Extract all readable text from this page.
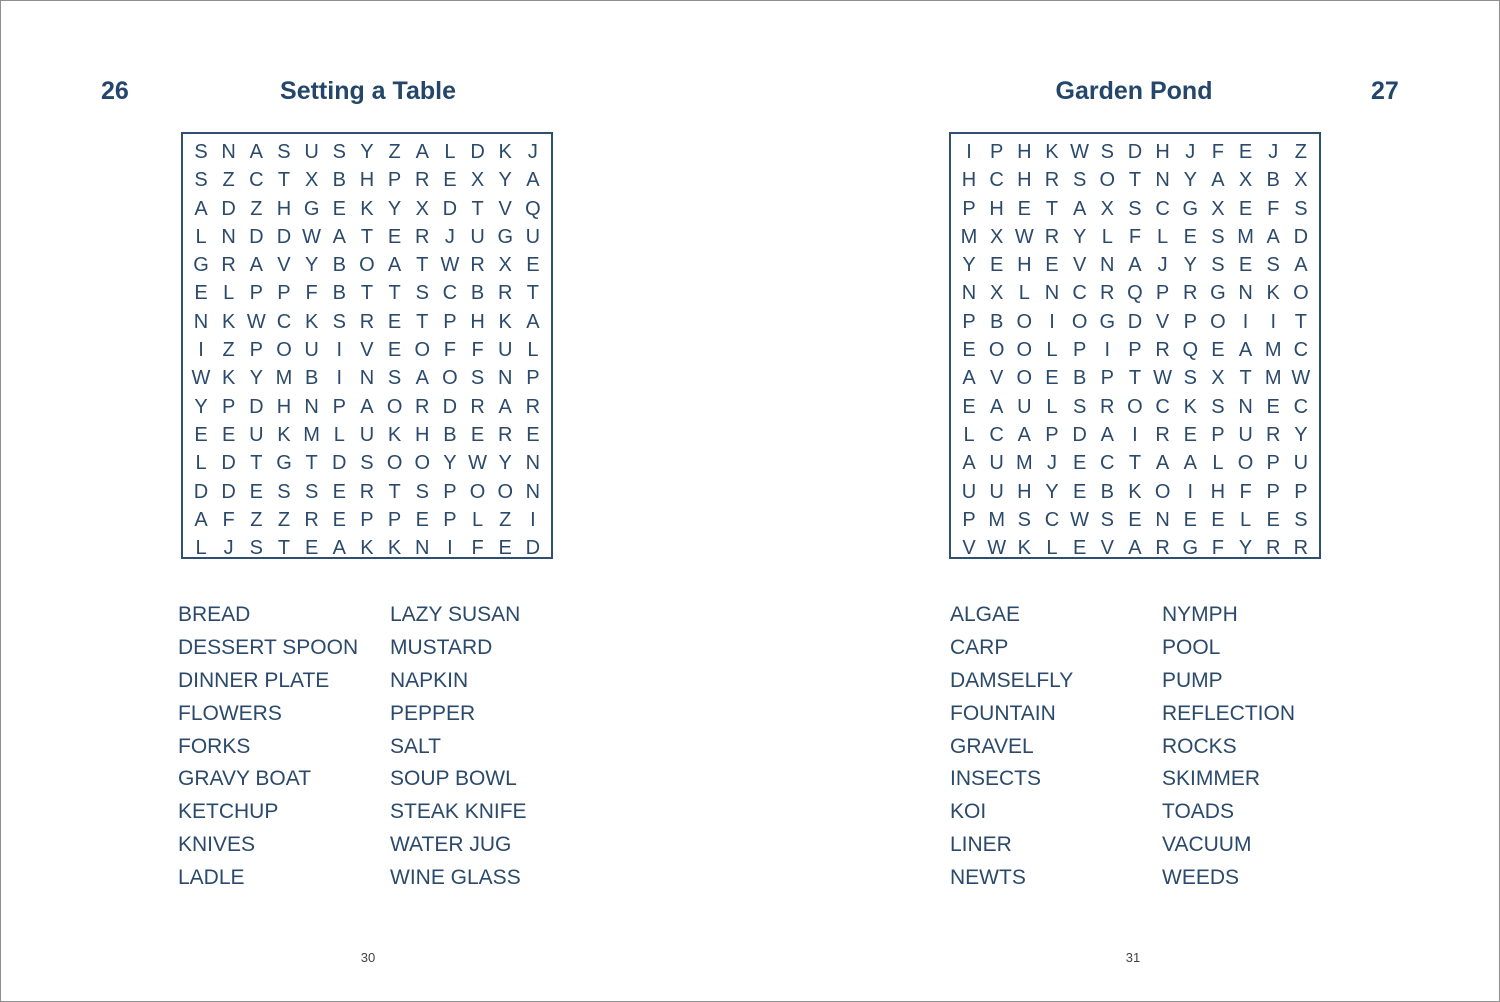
26	Setting a Table
S N A S U S Y Z A L D K J
S Z C T X B H P R E X Y A
A D Z H G E K Y X D T V Q
L N D D W A T E R J U G U
G R A V Y B O A T W R X E
E L P P F B T T S C B R T
N K W C K S R E T P H K A
I Z P O U I V E O F F U L
W K Y M B I N S A O S N P
Y P D H N P A O R D R A R
E E U K M L U K H B E R E
L D T G T D S O O Y W Y N
D D E S S E R T S P O O N
A F Z Z R E P P E P L Z I
L J S T E A K K N I F E D
BREAD
DESSERT SPOON
DINNER PLATE
FLOWERS
FORKS
GRAVY BOAT
KETCHUP
KNIVES
LADLE
LAZY SUSAN
MUSTARD
NAPKIN
PEPPER
SALT
SOUP BOWL
STEAK KNIFE
WATER JUG
WINE GLASS
30
Garden Pond	27
I P H K W S D H J F E J Z
H C H R S O T N Y A X B X
P H E T A X S C G X E F S
M X W R Y L F L E S M A D
Y E H E V N A J Y S E S A
N X L N C R Q P R G N K O
P B O I O G D V P O I	I T
E O O L P I P R Q E A M C
A V O E B P T W S X T M W
E A U L S R O C K S N E C
L C A P D A I R E P U R Y
A U M J E C T A A L O P U
U U H Y E B K O I H F P P
P M S C W S E N E E L E S
V W K L E V A R G F Y R R
ALGAE
CARP
DAMSELFLY
FOUNTAIN
GRAVEL
INSECTS
KOI
LINER
NEWTS
NYMPH
POOL
PUMP
REFLECTION
ROCKS
SKIMMER
TOADS
VACUUM
WEEDS
31
